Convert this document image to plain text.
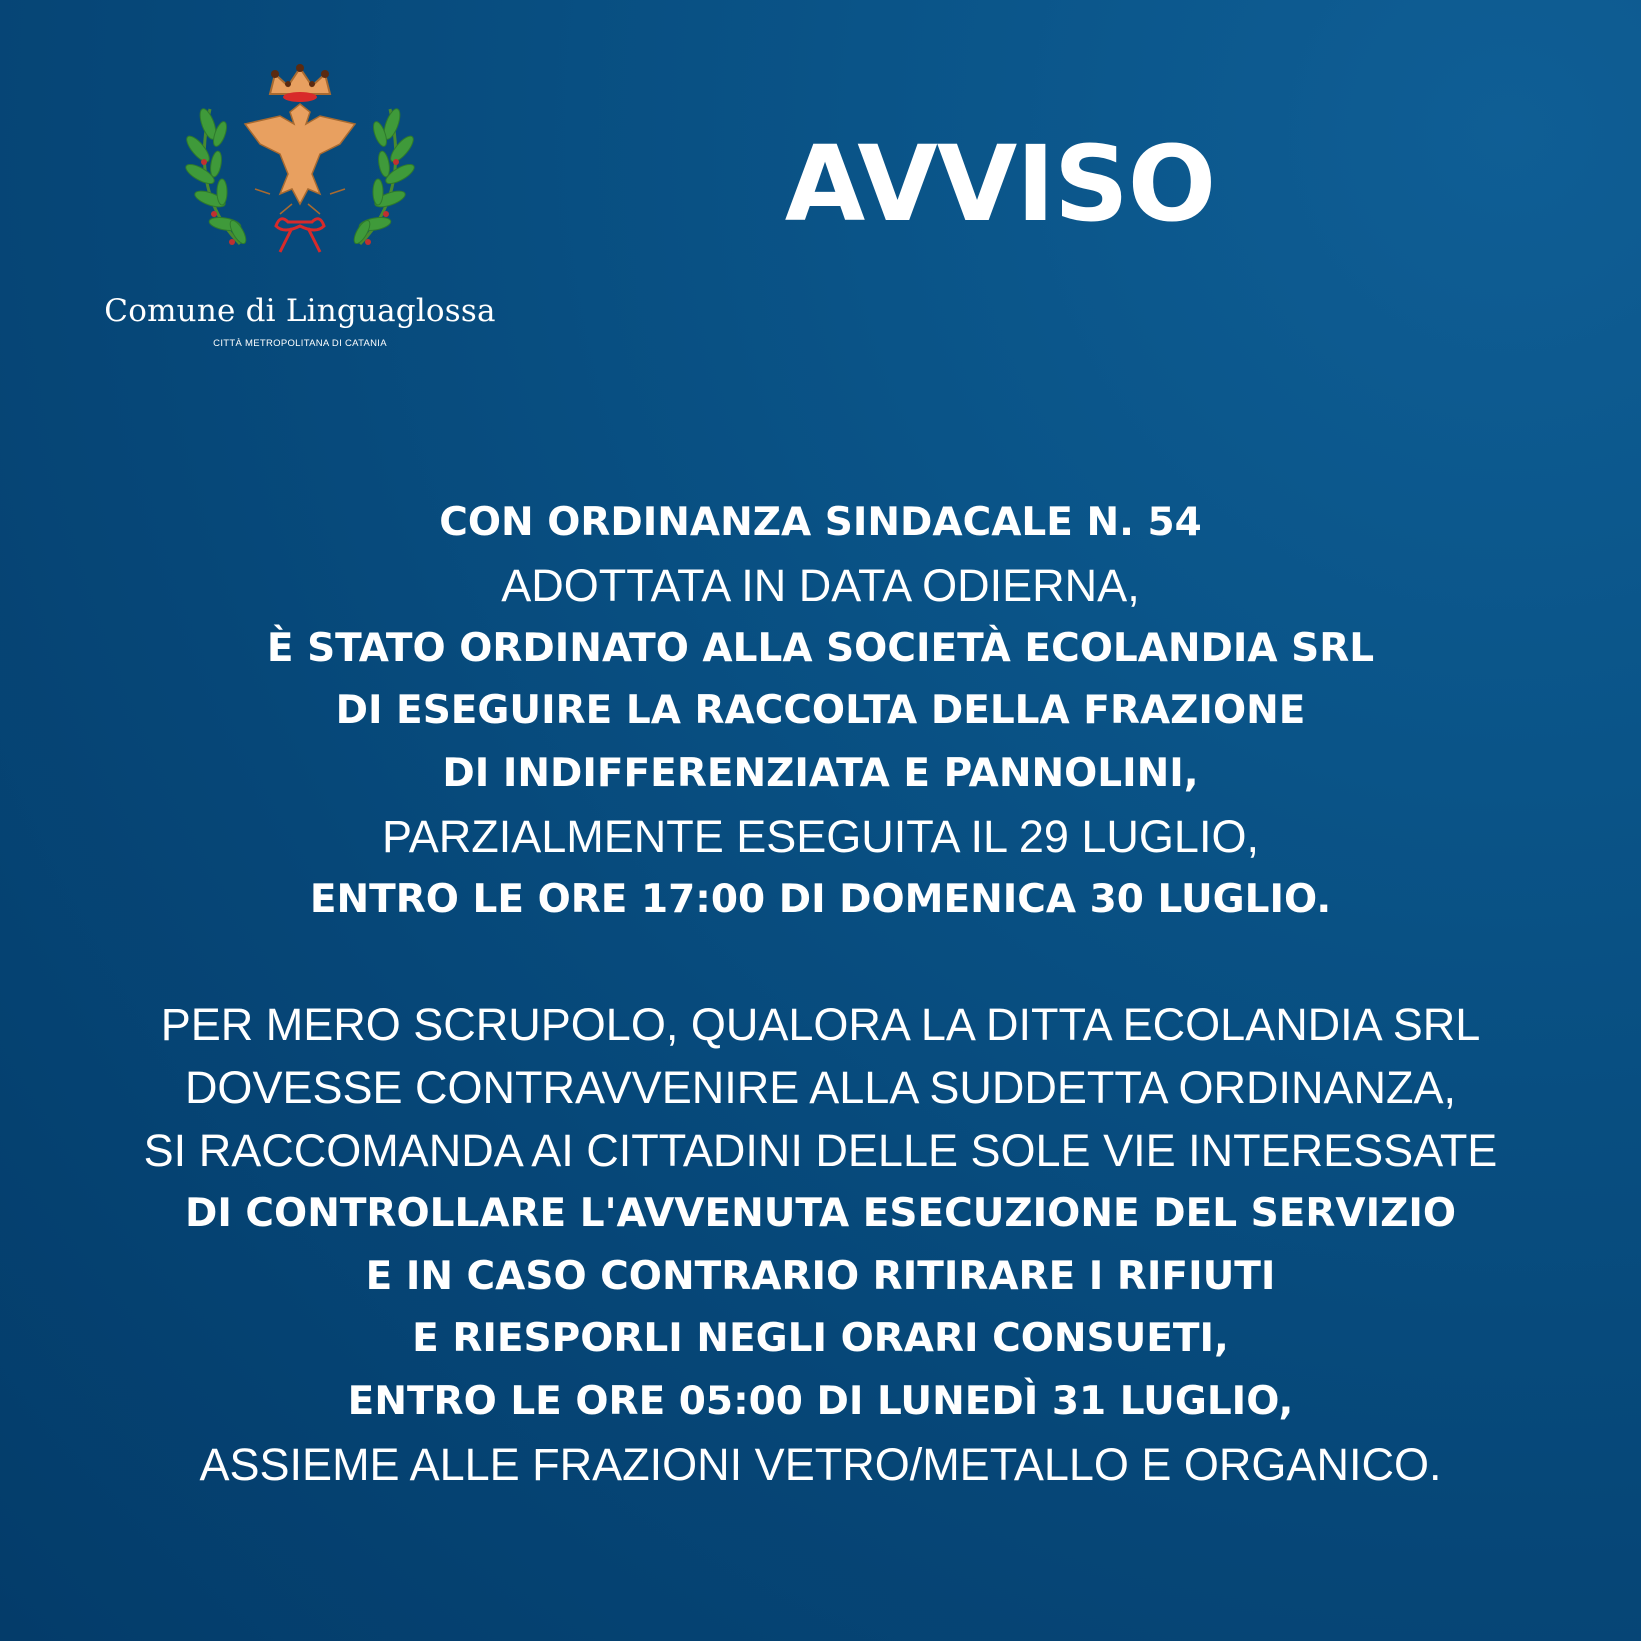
Comune di Linguaglossa
CITTÀ METROPOLITANA DI CATANIA
AVVISO
CON ORDINANZA SINDACALE N. 54
ADOTTATA IN DATA ODIERNA,
È STATO ORDINATO ALLA SOCIETÀ ECOLANDIA SRL
DI ESEGUIRE LA RACCOLTA DELLA FRAZIONE
DI INDIFFERENZIATA E PANNOLINI,
PARZIALMENTE ESEGUITA IL 29 LUGLIO,
ENTRO LE ORE 17:00 DI DOMENICA 30 LUGLIO.
PER MERO SCRUPOLO, QUALORA LA DITTA ECOLANDIA SRL
DOVESSE CONTRAVVENIRE ALLA SUDDETTA ORDINANZA,
SI RACCOMANDA AI CITTADINI DELLE SOLE VIE INTERESSATE
DI CONTROLLARE L'AVVENUTA ESECUZIONE DEL SERVIZIO
E IN CASO CONTRARIO RITIRARE I RIFIUTI
E RIESPORLI NEGLI ORARI CONSUETI,
ENTRO LE ORE 05:00 DI LUNEDÌ 31 LUGLIO,
ASSIEME ALLE FRAZIONI VETRO/METALLO E ORGANICO.
